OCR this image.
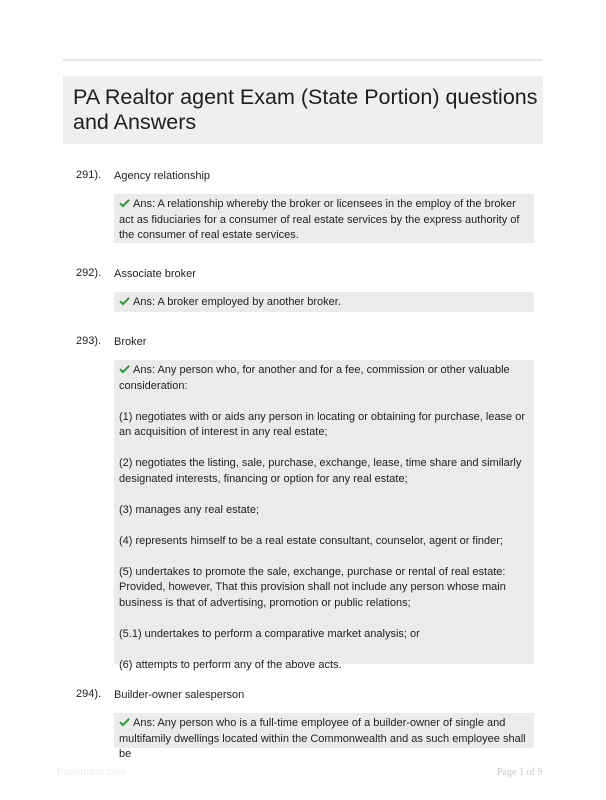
PA Realtor agent Exam (State Portion) questions and Answers
291). Agency relationship

Ans: A relationship whereby the broker or licensees in the employ of the broker act as fiduciaries for a consumer of real estate services by the express authority of the consumer of real estate services.

292). Associate broker

Ans: A broker employed by another broker.

293). Broker

Ans: Any person who, for another and for a fee, commission or other valuable consideration:

(1) negotiates with or aids any person in locating or obtaining for purchase, lease or an acquisition of interest in any real estate;

(2) negotiates the listing, sale, purchase, exchange, lease, time share and similarly designated interests, financing or option for any real estate;

(3) manages any real estate;

(4) represents himself to be a real estate consultant, counselor, agent or finder;

(5) undertakes to promote the sale, exchange, purchase or rental of real estate: Provided, however, That this provision shall not include any person whose main business is that of advertising, promotion or public relations;

(5.1) undertakes to perform a comparative market analysis; or

(6) attempts to perform any of the above acts.

294). Builder-owner salesperson

Ans: Any person who is a full-time employee of a builder-owner of single and multifamily dwellings located within the Commonwealth and as such employee shall be

Paperhibic.com	Page 1 of 9
